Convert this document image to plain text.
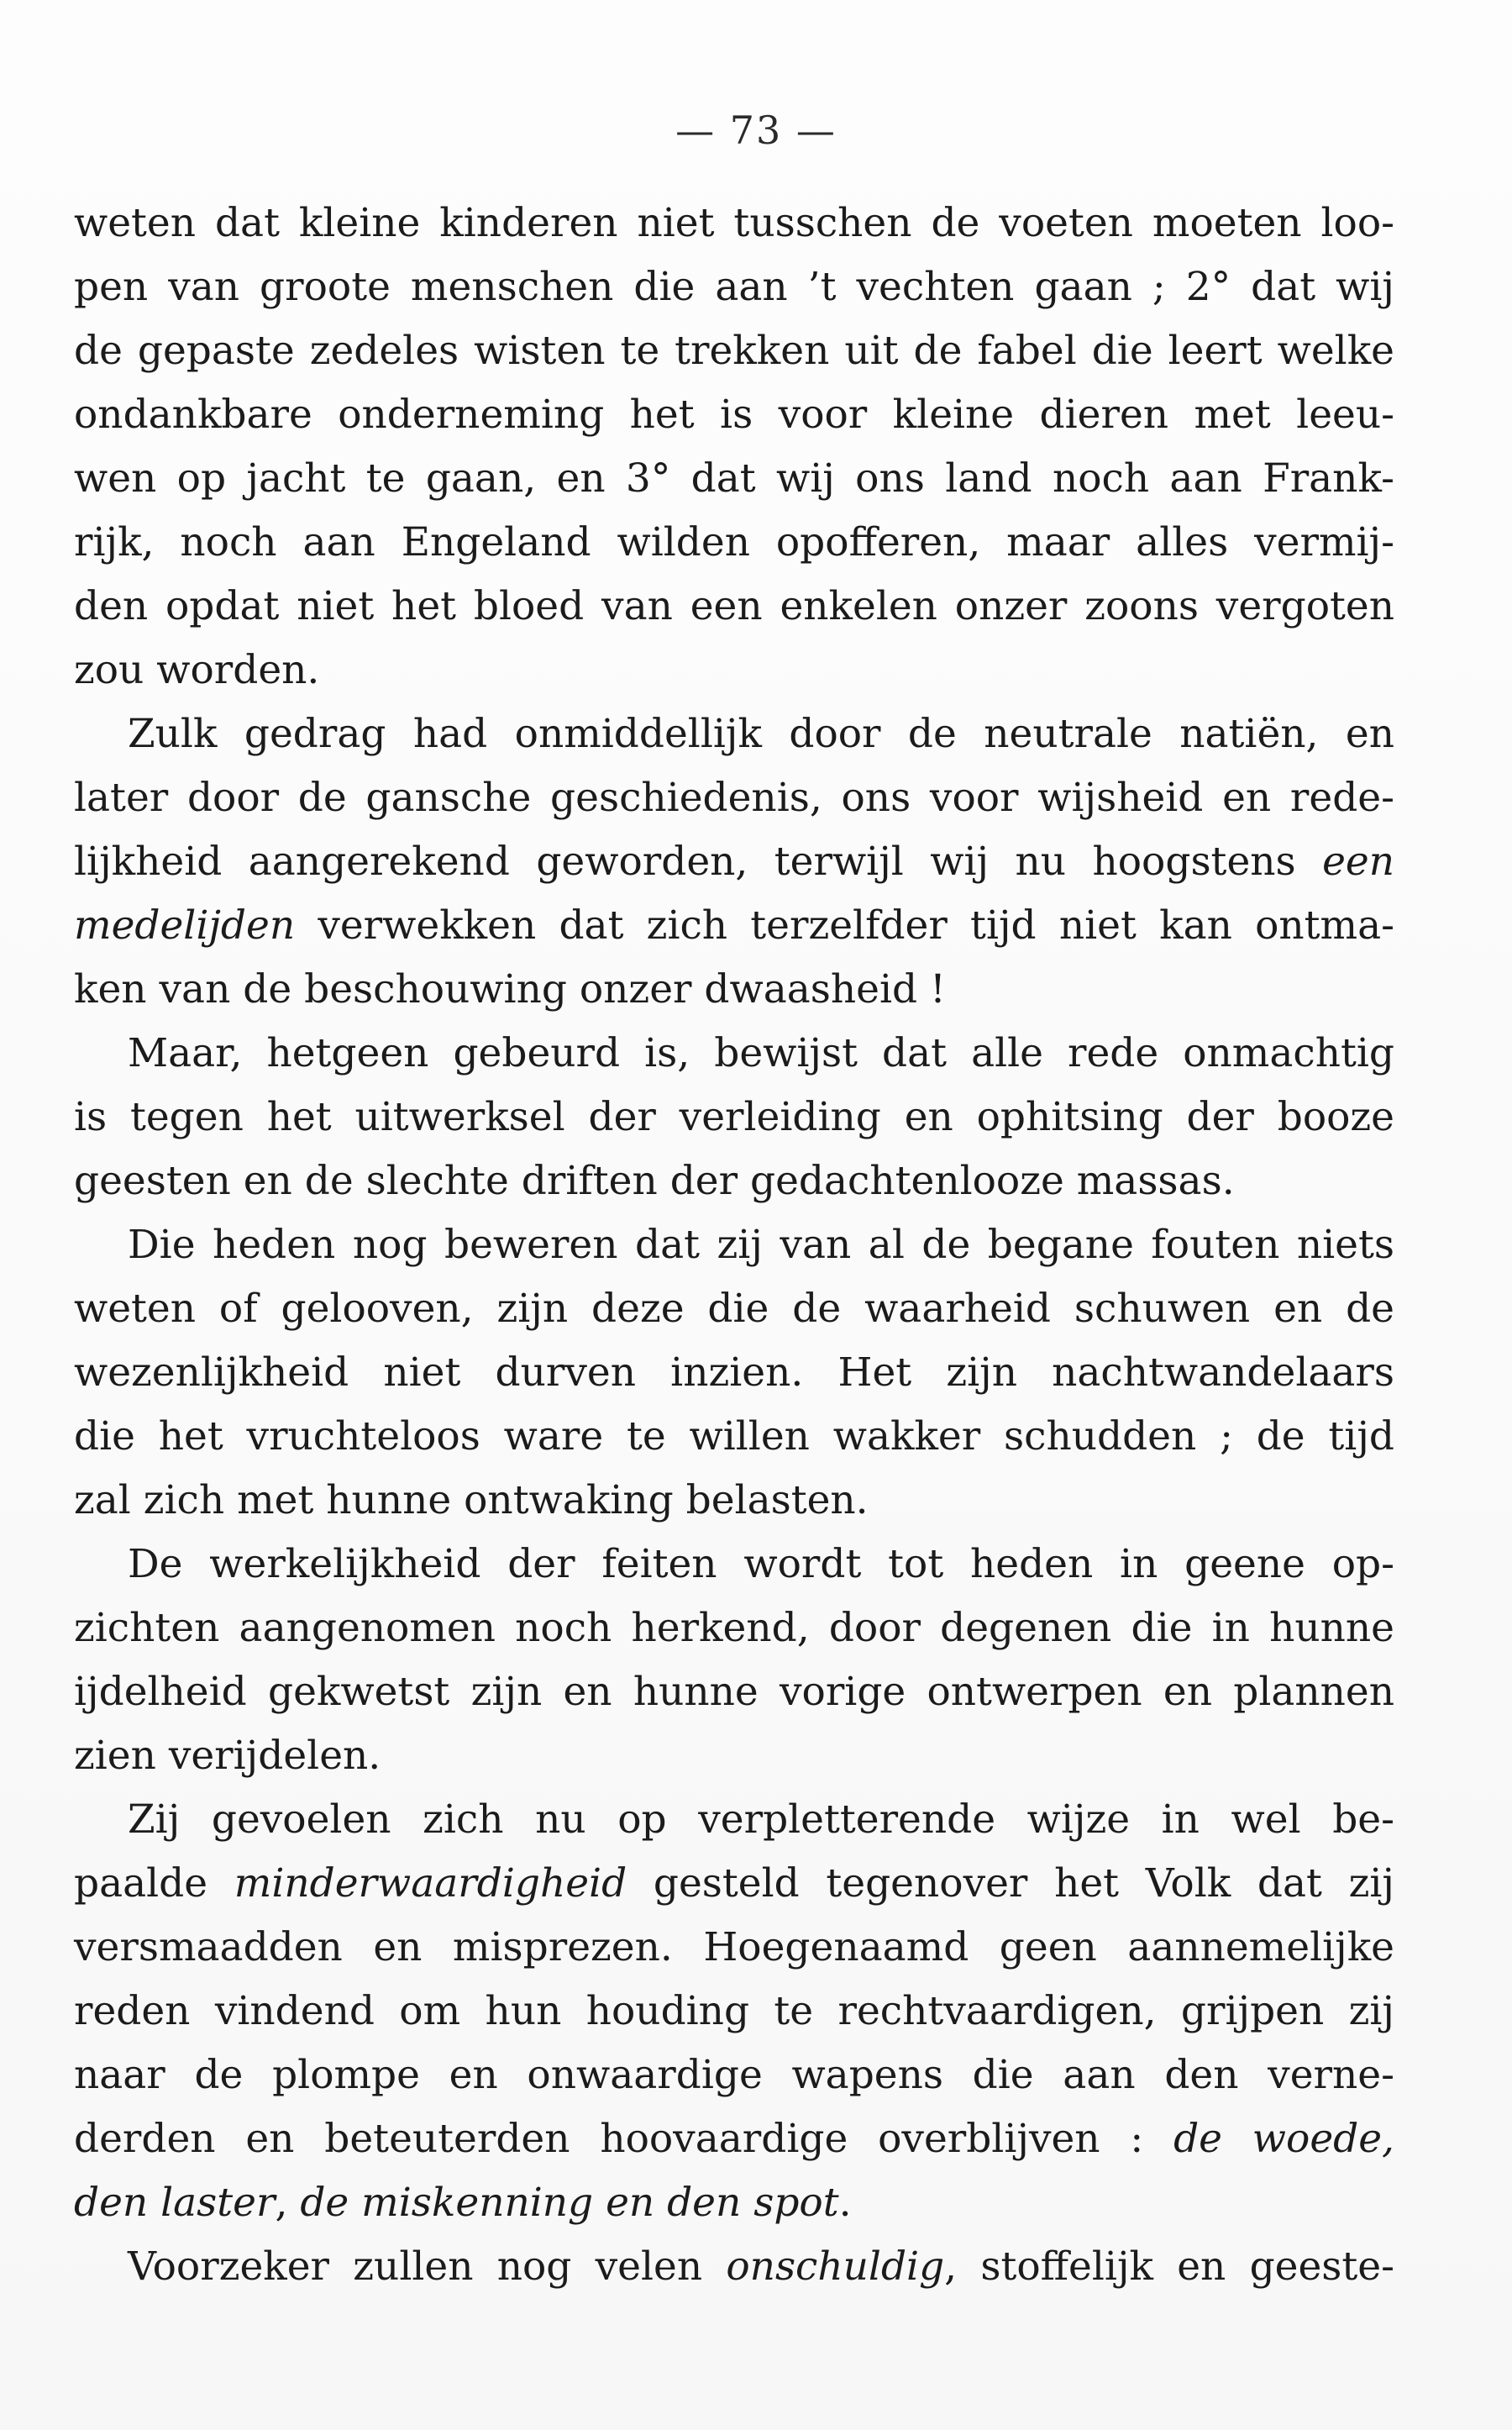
— 73 —
weten dat kleine kinderen niet tusschen de voeten moeten loo-
pen van groote menschen die aan ’t vechten gaan ; 2° dat wij
de gepaste zedeles wisten te trekken uit de fabel die leert welke
ondankbare onderneming het is voor kleine dieren met leeu-
wen op jacht te gaan, en 3° dat wij ons land noch aan Frank-
rijk, noch aan Engeland wilden opofferen, maar alles vermij-
den opdat niet het bloed van een enkelen onzer zoons vergoten
zou worden.
Zulk gedrag had onmiddellijk door de neutrale natiën, en
later door de gansche geschiedenis, ons voor wijsheid en rede-
lijkheid aangerekend geworden, terwijl wij nu hoogstens een
medelijden verwekken dat zich terzelfder tijd niet kan ontma-
ken van de beschouwing onzer dwaasheid !
Maar, hetgeen gebeurd is, bewijst dat alle rede onmachtig
is tegen het uitwerksel der verleiding en ophitsing der booze
geesten en de slechte driften der gedachtenlooze massas.
Die heden nog beweren dat zij van al de begane fouten niets
weten of gelooven, zijn deze die de waarheid schuwen en de
wezenlijkheid niet durven inzien. Het zijn nachtwandelaars
die het vruchteloos ware te willen wakker schudden ; de tijd
zal zich met hunne ontwaking belasten.
De werkelijkheid der feiten wordt tot heden in geene op-
zichten aangenomen noch herkend, door degenen die in hunne
ijdelheid gekwetst zijn en hunne vorige ontwerpen en plannen
zien verijdelen.
Zij gevoelen zich nu op verpletterende wijze in wel be-
paalde minderwaardigheid gesteld tegenover het Volk dat zij
versmaadden en misprezen. Hoegenaamd geen aannemelijke
reden vindend om hun houding te rechtvaardigen, grijpen zij
naar de plompe en onwaardige wapens die aan den verne-
derden en beteuterden hoovaardige overblijven : de woede,
den laster, de miskenning en den spot.
Voorzeker zullen nog velen onschuldig, stoffelijk en geeste-
